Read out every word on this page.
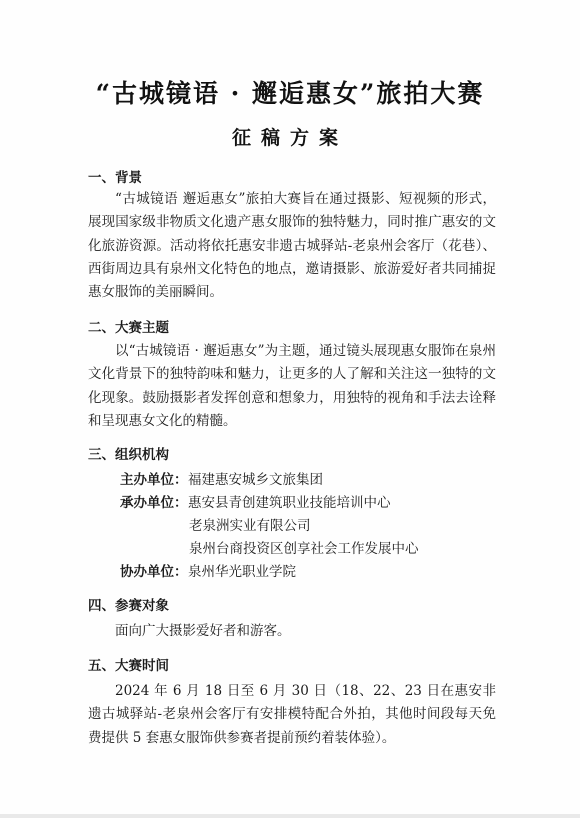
“古城镜语 · 邂逅惠女”旅拍大赛
征稿方案
一、背景
“古城镜语 邂逅惠女”旅拍大赛旨在通过摄影、短视频的形式，展现国家级非物质文化遗产惠女服饰的独特魅力，同时推广惠安的文化旅游资源。活动将依托惠安非遗古城驿站-老泉州会客厅（花巷）、西街周边具有泉州文化特色的地点，邀请摄影、旅游爱好者共同捕捉惠女服饰的美丽瞬间。
二、大赛主题
以“古城镜语 · 邂逅惠女”为主题，通过镜头展现惠女服饰在泉州文化背景下的独特韵味和魅力，让更多的人了解和关注这一独特的文化现象。鼓励摄影者发挥创意和想象力，用独特的视角和手法去诠释和呈现惠女文化的精髓。
三、组织机构
主办单位：福建惠安城乡文旅集团
承办单位：惠安县青创建筑职业技能培训中心
老泉洲实业有限公司
泉州台商投资区创享社会工作发展中心
协办单位：泉州华光职业学院
四、参赛对象
面向广大摄影爱好者和游客。
五、大赛时间
2024 年 6 月 18 日至 6 月 30 日（18、22、23 日在惠安非遗古城驿站-老泉州会客厅有安排模特配合外拍，其他时间段每天免费提供 5 套惠女服饰供参赛者提前预约着装体验）。
